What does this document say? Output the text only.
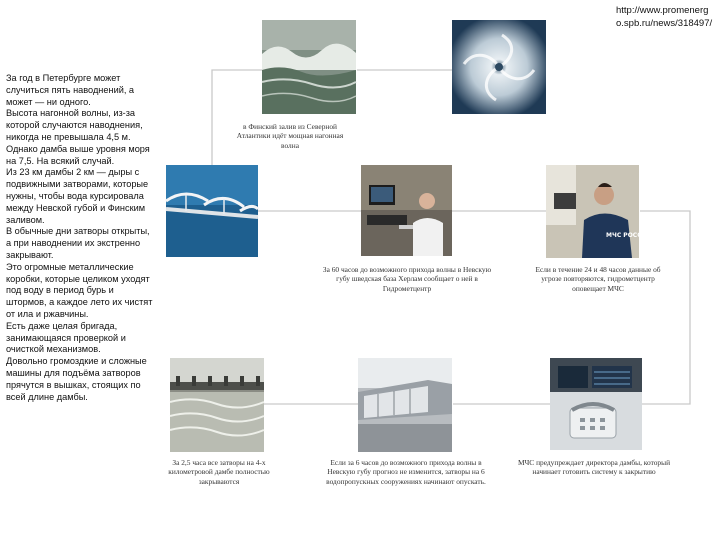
http://www.promenergo.spb.ru/news/318497/

За год в Петербурге может случиться пять наводнений, а может — ни одного.

Высота нагонной волны, из-за которой случаются наводнения, никогда не превышала 4,5 м.

Однако дамба выше уровня моря на 7,5. На всякий случай.

Из 23 км дамбы 2 км — дыры с подвижными затворами, которые нужны, чтобы вода курсировала между Невской губой и Финским заливом.

В обычные дни затворы открыты, а при наводнении их экстренно закрывают.

Это огромные металлические коробки, которые целиком уходят под воду в период бурь и штормов, а каждое лето их чистят от ила и ржавчины.

Есть даже целая бригада, занимающаяся проверкой и очисткой механизмов.

Довольно громоздкие и сложные машины для подъёма затворов прячутся в вышках, стоящих по всей длине дамбы.

в Финский залив из Северной Атлантики идёт мощная нагонная волна
За 60 часов до возможного прихода волны в Невскую губу шведская база Херлам сообщает о ней в Гидрометцентр
МЧС РОССИИ
Если в течение 24 и 48 часов данные об угрозе повторяются, гидрометцентр оповещает МЧС
За 2,5 часа все затворы на 4-х километровой дамбе полностью закрываются
Если за 6 часов до возможного прихода волны в Невскую губу прогноз не изменится, затворы на 6 водопропускных сооружениях начинают опускать.
МЧС предупреждает директора дамбы, который начинает готовить систему к закрытию
